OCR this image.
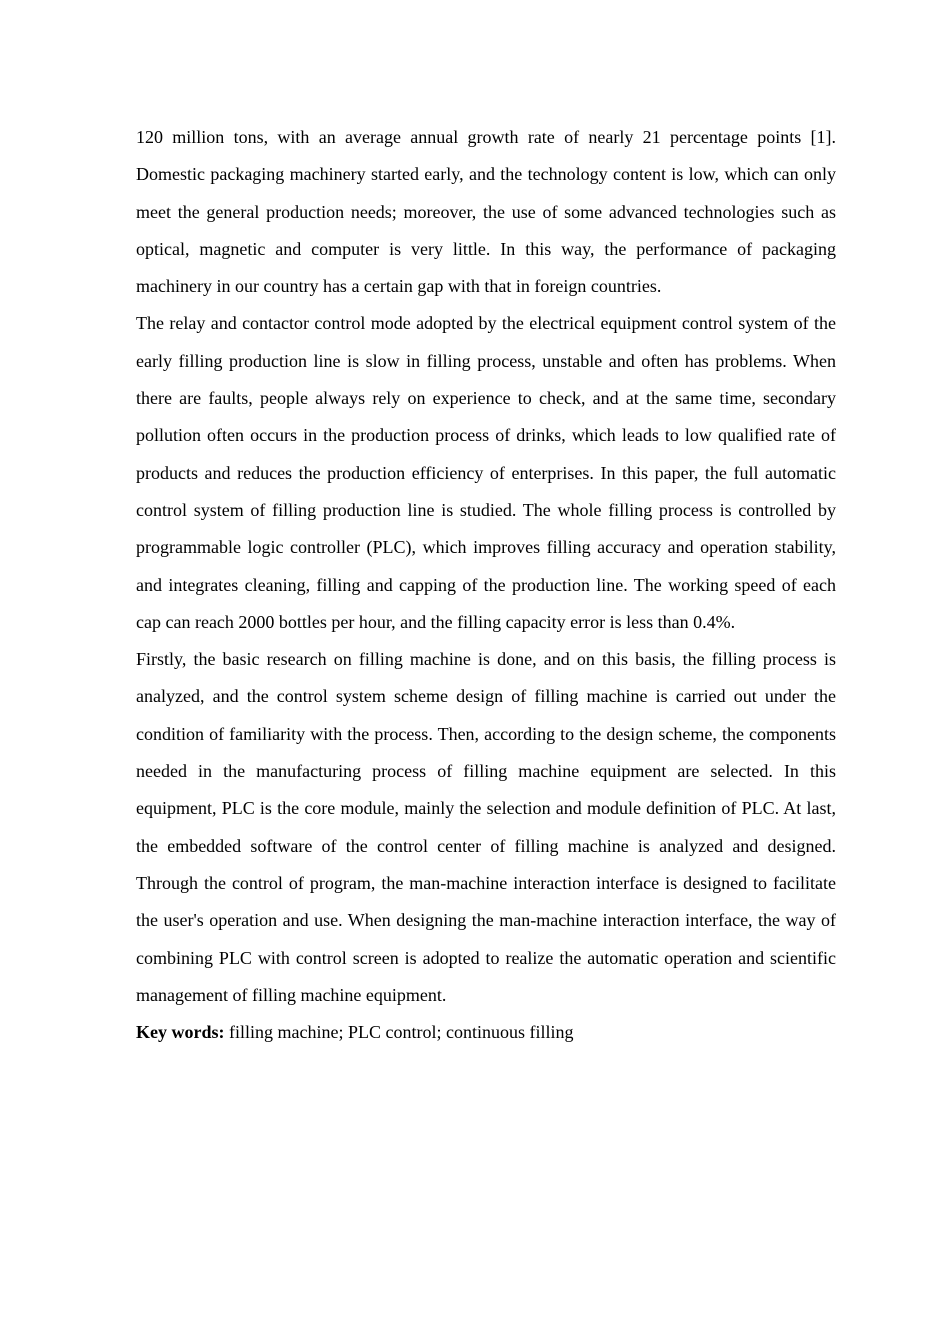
120 million tons, with an average annual growth rate of nearly 21 percentage points [1]. Domestic packaging machinery started early, and the technology content is low, which can only meet the general production needs; moreover, the use of some advanced technologies such as optical, magnetic and computer is very little. In this way, the performance of packaging machinery in our country has a certain gap with that in foreign countries.

The relay and contactor control mode adopted by the electrical equipment control system of the early filling production line is slow in filling process, unstable and often has problems. When there are faults, people always rely on experience to check, and at the same time, secondary pollution often occurs in the production process of drinks, which leads to low qualified rate of products and reduces the production efficiency of enterprises. In this paper, the full automatic control system of filling production line is studied. The whole filling process is controlled by programmable logic controller (PLC), which improves filling accuracy and operation stability, and integrates cleaning, filling and capping of the production line. The working speed of each cap can reach 2000 bottles per hour, and the filling capacity error is less than 0.4%.

Firstly, the basic research on filling machine is done, and on this basis, the filling process is analyzed, and the control system scheme design of filling machine is carried out under the condition of familiarity with the process. Then, according to the design scheme, the components needed in the manufacturing process of filling machine equipment are selected. In this equipment, PLC is the core module, mainly the selection and module definition of PLC. At last, the embedded software of the control center of filling machine is analyzed and designed. Through the control of program, the man-machine interaction interface is designed to facilitate the user's operation and use. When designing the man-machine interaction interface, the way of combining PLC with control screen is adopted to realize the automatic operation and scientific management of filling machine equipment.

Key words: filling machine; PLC control; continuous filling
